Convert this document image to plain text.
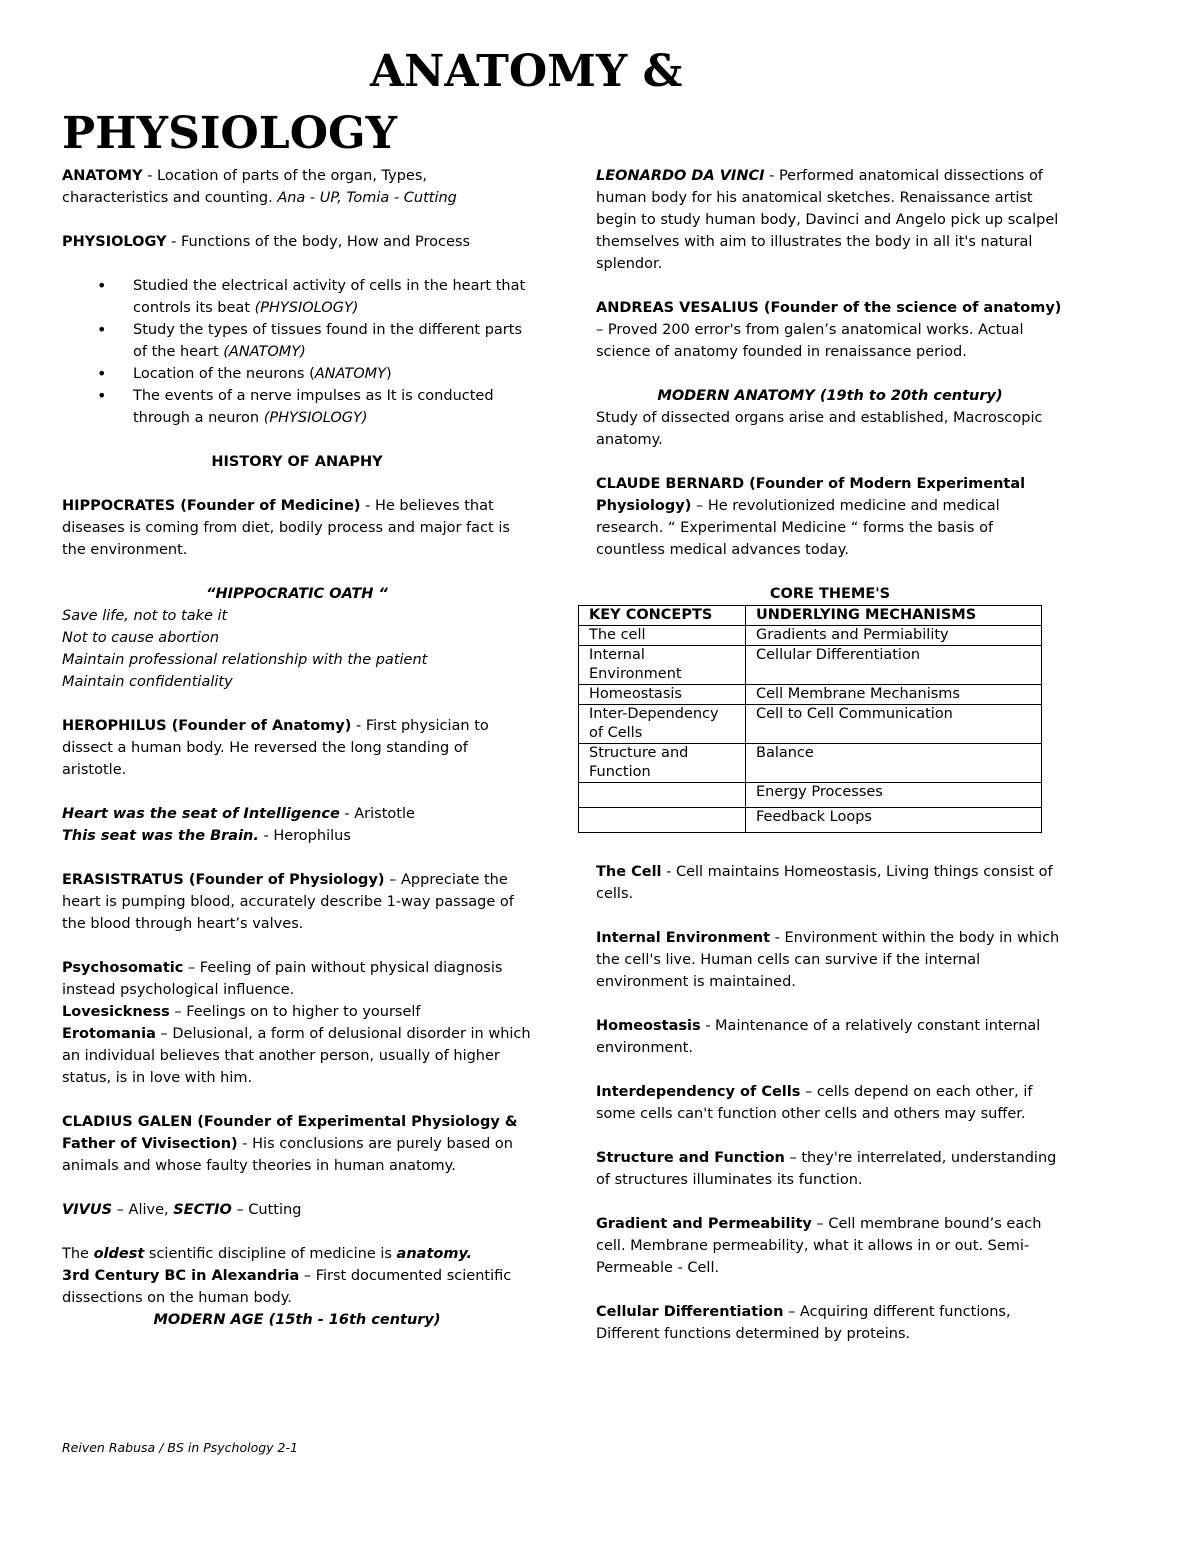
ANATOMY &
PHYSIOLOGY

ANATOMY - Location of parts of the organ, Types, characteristics and counting. Ana - UP, Tomia - Cutting

PHYSIOLOGY - Functions of the body, How and Process

• Studied the electrical activity of cells in the heart that controls its beat (PHYSIOLOGY)
• Study the types of tissues found in the different parts of the heart (ANATOMY)
• Location of the neurons (ANATOMY)
• The events of a nerve impulses as It is conducted through a neuron (PHYSIOLOGY)

HISTORY OF ANAPHY

HIPPOCRATES (Founder of Medicine) - He believes that diseases is coming from diet, bodily process and major fact is the environment.

“HIPPOCRATIC OATH “

Save life, not to take it
Not to cause abortion
Maintain professional relationship with the patient
Maintain confidentiality

HEROPHILUS (Founder of Anatomy) - First physician to dissect a human body. He reversed the long standing of aristotle.

Heart was the seat of Intelligence - Aristotle
This seat was the Brain. - Herophilus

ERASISTRATUS (Founder of Physiology) – Appreciate the heart is pumping blood, accurately describe 1-way passage of the blood through heart’s valves.

Psychosomatic – Feeling of pain without physical diagnosis instead psychological influence.
Lovesickness – Feelings on to higher to yourself
Erotomania – Delusional, a form of delusional disorder in which an individual believes that another person, usually of higher status, is in love with him.

CLADIUS GALEN (Founder of Experimental Physiology & Father of Vivisection) - His conclusions are purely based on animals and whose faulty theories in human anatomy.

VIVUS – Alive, SECTIO – Cutting

The oldest scientific discipline of medicine is anatomy.
3rd Century BC in Alexandria – First documented scientific dissections on the human body.

MODERN AGE (15th - 16th century)

LEONARDO DA VINCI - Performed anatomical dissections of human body for his anatomical sketches. Renaissance artist begin to study human body, Davinci and Angelo pick up scalpel themselves with aim to illustrates the body in all it's natural splendor.

ANDREAS VESALIUS (Founder of the science of anatomy) – Proved 200 error's from galen’s anatomical works. Actual science of anatomy founded in renaissance period.

MODERN ANATOMY (19th to 20th century)

Study of dissected organs arise and established, Macroscopic anatomy.

CLAUDE BERNARD (Founder of Modern Experimental Physiology) – He revolutionized medicine and medical research. “ Experimental Medicine “ forms the basis of countless medical advances today.

CORE THEME'S

KEY CONCEPTS	UNDERLYING MECHANISMS
The cell	Gradients and Permiability
Internal Environment	Cellular Differentiation
Homeostasis	Cell Membrane Mechanisms
Inter-Dependency of Cells	Cell to Cell Communication
Structure and Function	Balance
	Energy Processes
	Feedback Loops

The Cell - Cell maintains Homeostasis, Living things consist of cells.

Internal Environment - Environment within the body in which the cell's live. Human cells can survive if the internal environment is maintained.

Homeostasis - Maintenance of a relatively constant internal environment.

Interdependency of Cells – cells depend on each other, if some cells can't function other cells and others may suffer.

Structure and Function – they're interrelated, understanding of structures illuminates its function.

Gradient and Permeability – Cell membrane bound’s each cell. Membrane permeability, what it allows in or out. Semi-Permeable - Cell.

Cellular Differentiation – Acquiring different functions, Different functions determined by proteins.

Reiven Rabusa / BS in Psychology 2-1
